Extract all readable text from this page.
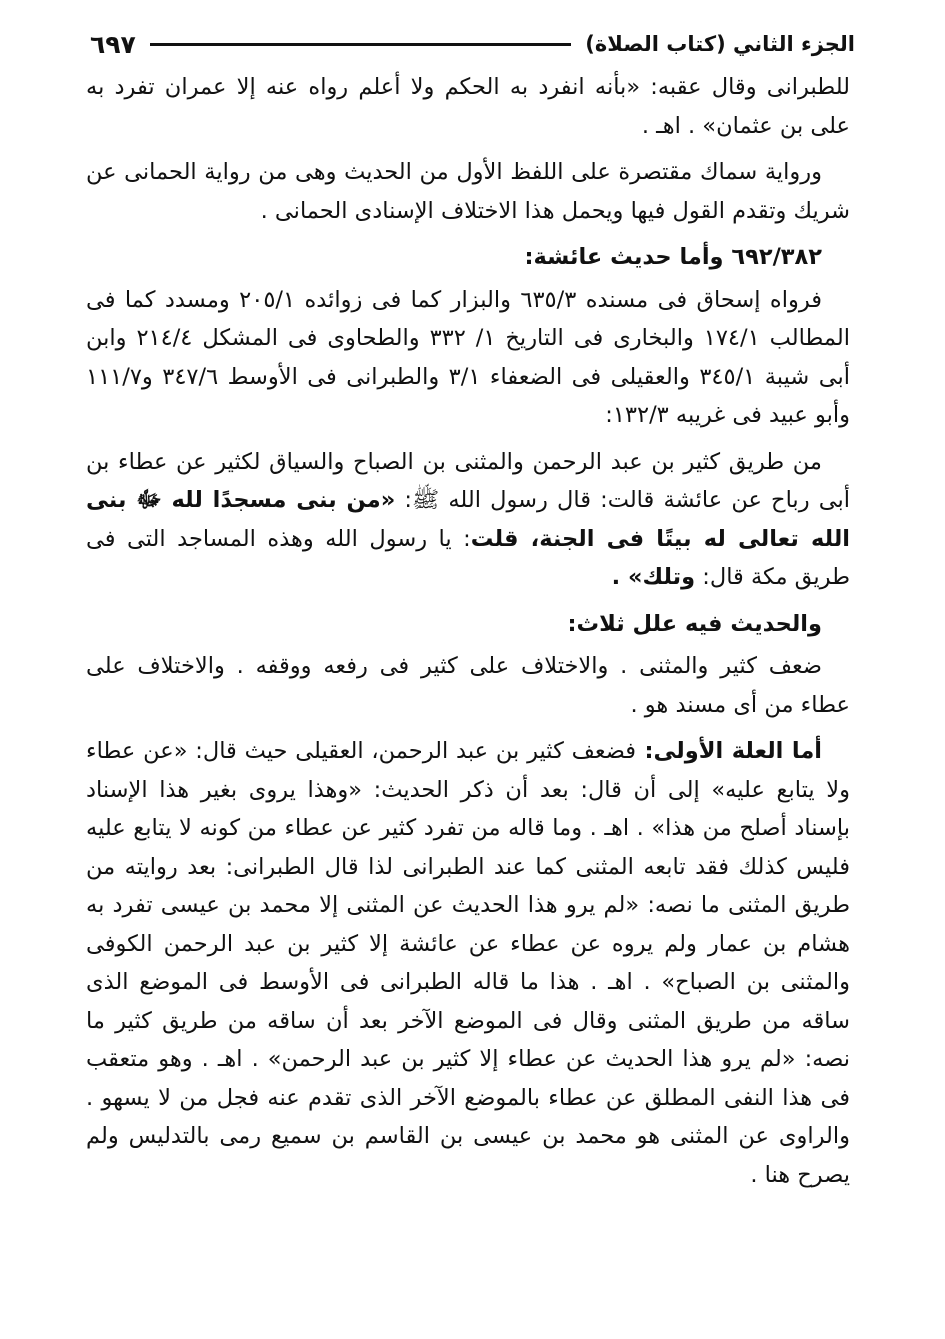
الجزء الثاني (كتاب الصلاة)
٦٩٧

للطبرانى وقال عقبه: «بأنه انفرد به الحكم ولا أعلم رواه عنه إلا عمران تفرد به على بن عثمان» . اهـ .

ورواية سماك مقتصرة على اللفظ الأول من الحديث وهى من رواية الحمانى عن شريك وتقدم القول فيها ويحمل هذا الاختلاف الإسنادى الحمانى .

٦٩٢/٣٨٢ وأما حديث عائشة:

فرواه إسحاق فى مسنده ٦٣٥/٣ والبزار كما فى زوائده ٢٠٥/١ ومسدد كما فى المطالب ١٧٤/١ والبخارى فى التاريخ ١/ ٣٣٢ والطحاوى فى المشكل ٢١٤/٤ وابن أبى شيبة ٣٤٥/١ والعقيلى فى الضعفاء ٣/١ والطبرانى فى الأوسط ٣٤٧/٦ و١١١/٧ وأبو عبيد فى غريبه ١٣٢/٣:

من طريق كثير بن عبد الرحمن والمثنى بن الصباح والسياق لكثير عن عطاء بن أبى رباح عن عائشة قالت: قال رسول الله ﷺ: «من بنى مسجدًا لله ﷻ بنى الله تعالى له بيتًا فى الجنة، قلت: يا رسول الله وهذه المساجد التى فى طريق مكة قال: وتلك» .

والحديث فيه علل ثلاث:

ضعف كثير والمثنى . والاختلاف على كثير فى رفعه ووقفه . والاختلاف على عطاء من أى مسند هو .

أما العلة الأولى: فضعف كثير بن عبد الرحمن، العقيلى حيث قال: «عن عطاء ولا يتابع عليه» إلى أن قال: بعد أن ذكر الحديث: «وهذا يروى بغير هذا الإسناد بإسناد أصلح من هذا» . اهـ . وما قاله من تفرد كثير عن عطاء من كونه لا يتابع عليه فليس كذلك فقد تابعه المثنى كما عند الطبرانى لذا قال الطبرانى: بعد روايته من طريق المثنى ما نصه: «لم يرو هذا الحديث عن المثنى إلا محمد بن عيسى تفرد به هشام بن عمار ولم يروه عن عطاء عن عائشة إلا كثير بن عبد الرحمن الكوفى والمثنى بن الصباح» . اهـ . هذا ما قاله الطبرانى فى الأوسط فى الموضع الذى ساقه من طريق المثنى وقال فى الموضع الآخر بعد أن ساقه من طريق كثير ما نصه: «لم يرو هذا الحديث عن عطاء إلا كثير بن عبد الرحمن» . اهـ . وهو متعقب فى هذا النفى المطلق عن عطاء بالموضع الآخر الذى تقدم عنه فجل من لا يسهو . والراوى عن المثنى هو محمد بن عيسى بن القاسم بن سميع رمى بالتدليس ولم يصرح هنا .
